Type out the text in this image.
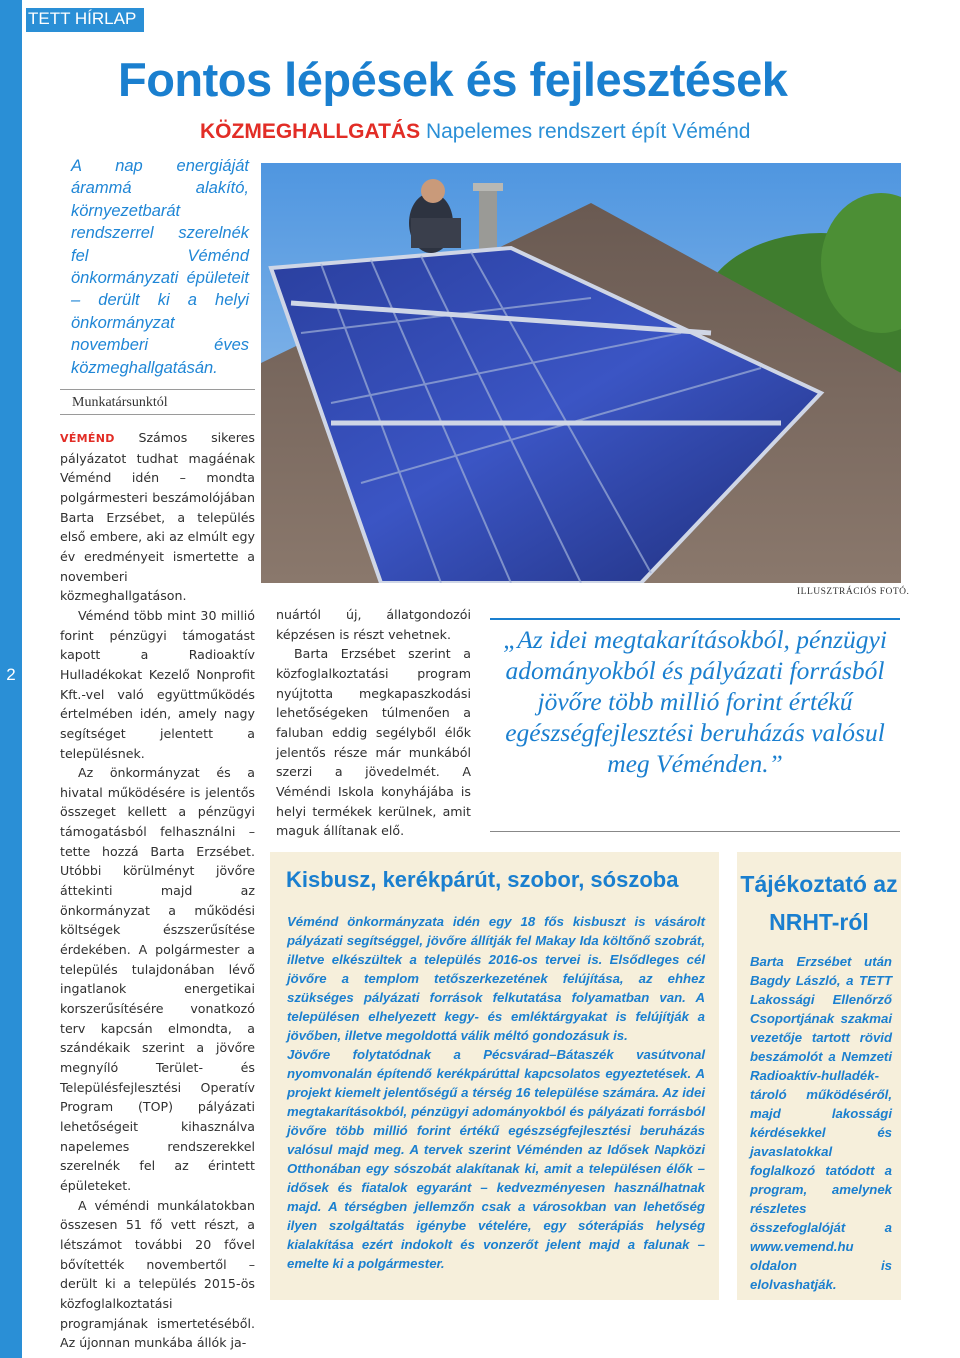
TETT HÍRLAP
2
Fontos lépések és fejlesztések
KÖZMEGHALLGATÁS Napelemes rendszert épít Véménd
A nap energiáját árammá alakító, környezetbarát rendszerrel szerelnék fel Véménd önkormányzati épületeit – derült ki a helyi önkormányzat novemberi éves közmeghallgatásán.
ILLUSZTRÁCIÓS FOTÓ.
Munkatársunktól

VÉMÉND Számos sikeres pályázatot tudhat magáénak Véménd idén – mondta polgármesteri beszámolójában Barta Erzsébet, a település első embere, aki az elmúlt egy év eredményeit ismertette a novemberi közmeghallgatáson.

Véménd több mint 30 millió forint pénzügyi támogatást kapott a Radioaktív Hulladékokat Kezelő Nonprofit Kft.-vel való együttműködés értelmében idén, amely nagy segítséget jelentett a településnek.

Az önkormányzat és a hivatal működésére is jelentős összeget kellett a pénzügyi támogatásból felhasználni – tette hozzá Barta Erzsébet. Utóbbi körülményt jövőre áttekinti majd az önkormányzat a működési költségek észszerűsítése érdekében. A polgármester a település tulajdonában lévő ingatlanok energetikai korszerűsítésére vonatkozó terv kapcsán elmondta, a szándékaik szerint a jövőre megnyíló Terület- és Településfejlesztési Operatív Program (TOP) pályázati lehetőségeit kihasználva napelemes rendszerekkel szerelnék fel az érintett épületeket.

A véméndi munkálatokban összesen 51 fő vett részt, a létszámot további 20 fővel bővítették novembertől – derült ki a település 2015-ös közfoglalkoztatási programjának ismertetéséből. Az újonnan munkába állók ja-

nuártól új, állatgondozói képzésen is részt vehetnek.

Barta Erzsébet szerint a közfoglalkoztatási program nyújtotta megkapaszkodási lehetőségeken túlmenően a faluban eddig segélyből élők jelentős része már munkából szerzi a jövedelmét. A Véméndi Iskola konyhájába is helyi termékek kerülnek, amit maguk állítanak elő.

„Az idei megtakarításokból, pénzügyi adományokból és pályázati forrásból jövőre több millió forint értékű egészségfejlesztési beruházás valósul meg Véménden.”
Kisbusz, kerékpárút, szobor, sószoba

Véménd önkormányzata idén egy 18 fős kisbuszt is vásárolt pályázati segítséggel, jövőre állítják fel Makay Ida költőnő szobrát, illetve elkészültek a település 2016-os tervei is. Elsődleges cél jövőre a templom tetőszerkezetének felújítása, az ehhez szükséges pályázati források felkutatása folyamatban van. A településen elhelyezett kegy- és emléktárgyakat is felújítják a jövőben, illetve megoldottá válik méltó gondozásuk is.

Jövőre folytatódnak a Pécsvárad–Bátaszék vasútvonal nyomvonalán építendő kerékpárúttal kapcsolatos egyeztetések. A projekt kiemelt jelentőségű a térség 16 települése számára. Az idei megtakarításokból, pénzügyi adományokból és pályázati forrásból jövőre több millió forint értékű egészségfejlesztési beruházás valósul majd meg. A tervek szerint Véménden az Idősek Napközi Otthonában egy sószobát alakítanak ki, amit a településen élők – idősek és fiatalok egyaránt – kedvezményesen használhatnak majd. A térségben jellemzőn csak a városokban van lehetőség ilyen szolgáltatás igénybe vételére, egy sóterápiás helység kialakítása ezért indokolt és vonzerőt jelent majd a falunak – emelte ki a polgármester.

Tájékoztató az NRHT-ról
Barta Erzsébet után Bagdy László, a TETT Lakossági Ellenőrző Csoportjának szakmai vezetője tartott rövid beszámolót a Nemzeti Radioaktív-hulladék-tároló működéséről, majd lakossági kérdésekkel és javaslatokkal foglalkozó tatódott a program, amelynek részletes összefoglalóját a www.vemend.hu oldalon is elolvashatják.
